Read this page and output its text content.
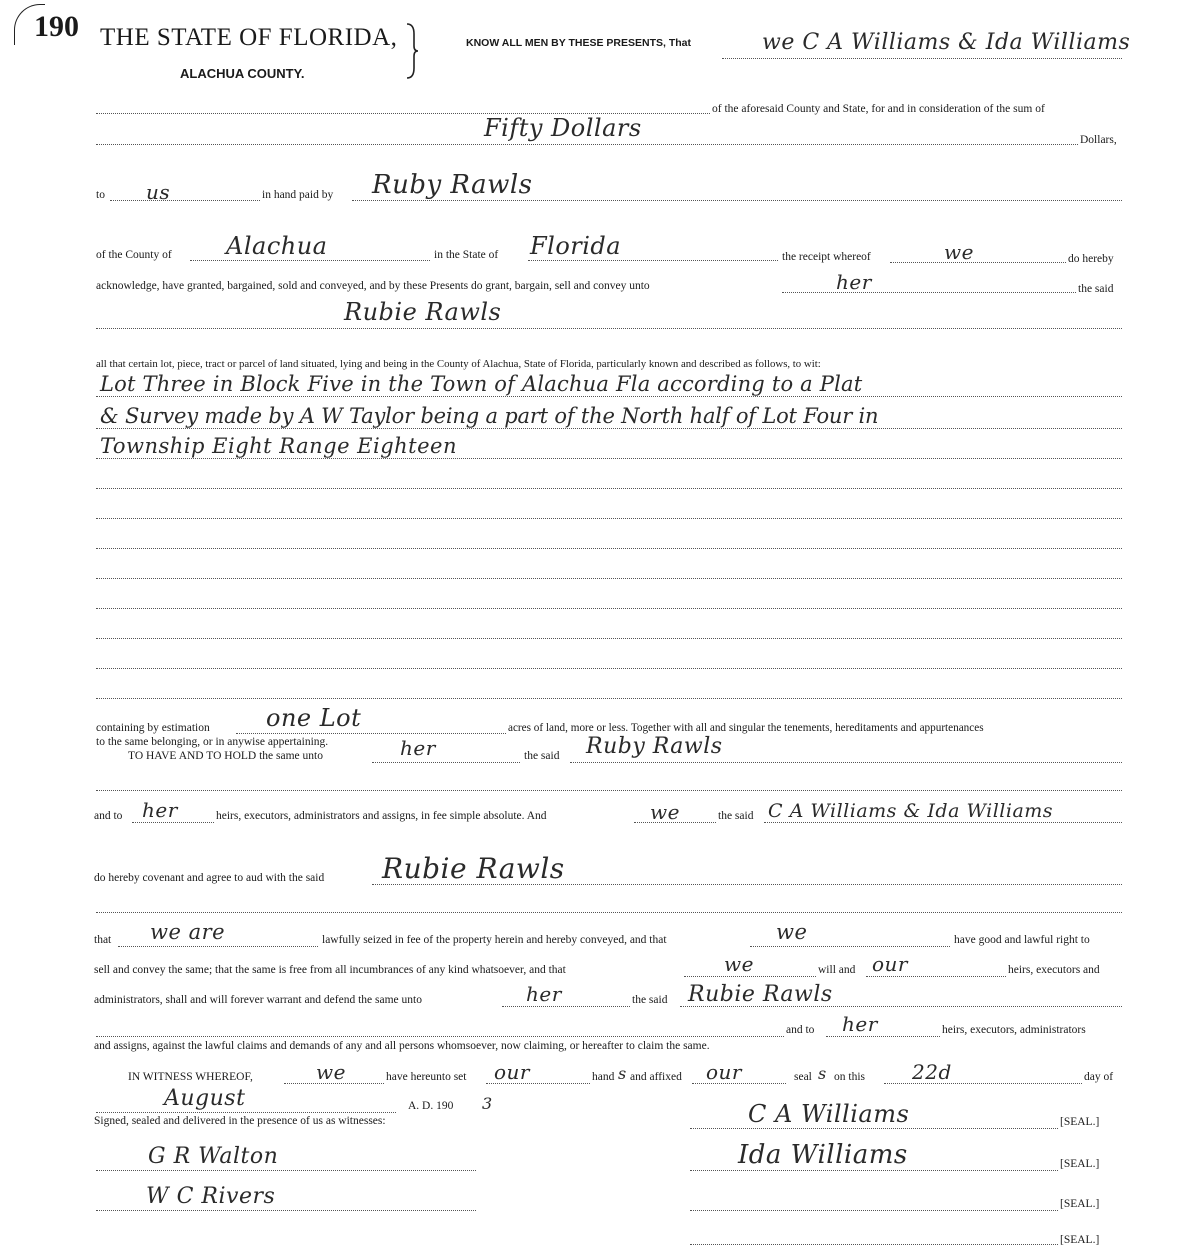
190 THE STATE OF FLORIDA,
ALACHUA COUNTY.
KNOW ALL MEN BY THESE PRESENTS, That	we C A Williams & Ida Williams
of the aforesaid County and State, for and in consideration of the sum of
Fifty Dollars	Dollars,
to us	in hand paid by Ruby Rawls
of the County of Alachua	in the State of Florida	the receipt whereof	we	do hereby
acknowledge, have granted, bargained, sold and conveyed, and by these Presents do grant, bargain, sell and convey unto	her	the said
Rubie Rawls
all that certain lot, piece, tract or parcel of land situated, lying and being in the County of Alachua, State of Florida, particularly known and described as follows, to wit:
Lot Three in Block Five in the Town of Alachua Fla according to a Plat
& Survey made by A W Taylor being a part of the North half of Lot Four in
Township Eight Range Eighteen
containing by estimation one Lot	acres of land, more or less. Together with all and singular the tenements, hereditaments and appurtenances
to the same belonging, or in anywise appertaining.
TO HAVE AND TO HOLD the same unto	her	the said Ruby Rawls
and to her	heirs, executors, administrators and assigns, in fee simple absolute. And	we	the said C A Williams & Ida Williams
do hereby covenant and agree to aud with the said Rubie Rawls
that we are	lawfully seized in fee of the property herein and hereby conveyed, and that	we	have good and lawful right to
sell and convey the same; that the same is free from all incumbrances of any kind whatsoever, and that	we	will and our	heirs, executors and
administrators, shall and will forever warrant and defend the same unto	her	the said Rubie Rawls
and to her	heirs, executors, administrators
and assigns, against the lawful claims and demands of any and all persons whomsoever, now claiming, or hereafter to claim the same.
IN WITNESS WHEREOF,	we	have hereunto set our	hand s and affixed our	seal s on this 22d	day of
August	A. D. 190 3
Signed, sealed and delivered in the presence of us as witnesses:	C A Williams	[SEAL.]
G R Walton	Ida Williams	[SEAL.]
W C Rivers	[SEAL.]
[SEAL.]
